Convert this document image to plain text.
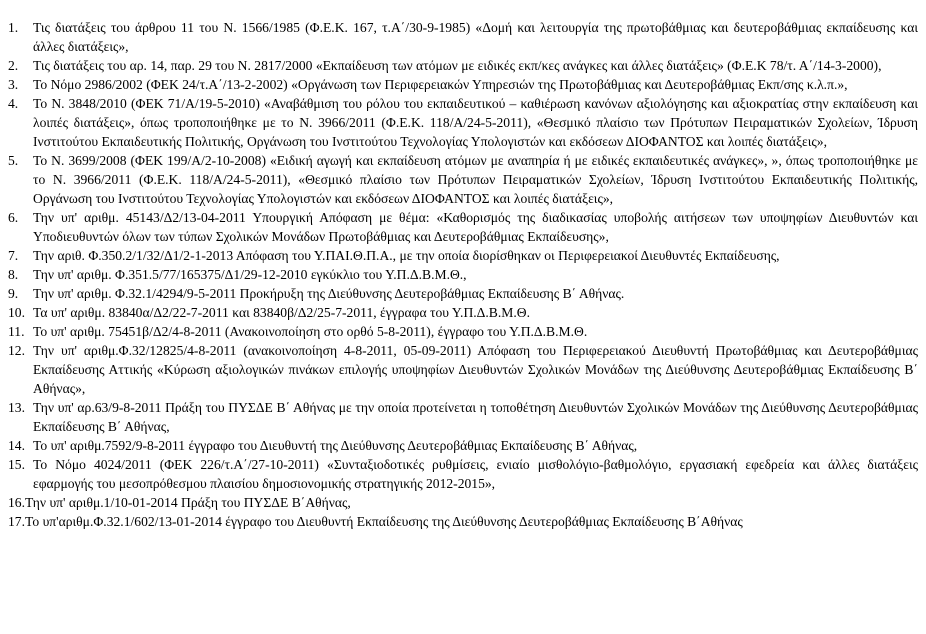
1. Τις διατάξεις του άρθρου 11 του Ν. 1566/1985 (Φ.Ε.Κ. 167, τ.Α΄/30-9-1985) «Δομή και λειτουργία της πρωτοβάθμιας και δευτεροβάθμιας εκπαίδευσης και άλλες διατάξεις»,
2. Τις διατάξεις του αρ. 14, παρ. 29 του Ν. 2817/2000 «Εκπαίδευση των ατόμων με ειδικές εκπ/κες ανάγκες και άλλες διατάξεις» (Φ.Ε.Κ 78/τ. Α΄/14-3-2000),
3. Το Νόμο 2986/2002 (ΦΕΚ 24/τ.Α΄/13-2-2002) «Οργάνωση των Περιφερειακών Υπηρεσιών της Πρωτοβάθμιας και Δευτεροβάθμιας Εκπ/σης κ.λ.π.»,
4. Το Ν. 3848/2010 (ΦΕΚ 71/Α/19-5-2010) «Αναβάθμιση του ρόλου του εκπαιδευτικού – καθιέρωση κανόνων αξιολόγησης και αξιοκρατίας στην εκπαίδευση και λοιπές διατάξεις», όπως τροποποιήθηκε με το Ν. 3966/2011 (Φ.Ε.Κ. 118/Α/24-5-2011), «Θεσμικό πλαίσιο των Πρότυπων Πειραματικών Σχολείων, Ίδρυση Ινστιτούτου Εκπαιδευτικής Πολιτικής, Οργάνωση του Ινστιτούτου Τεχνολογίας Υπολογιστών και εκδόσεων ΔΙΟΦΑΝΤΟΣ και λοιπές διατάξεις»,
5. Το Ν. 3699/2008 (ΦΕΚ 199/Α/2-10-2008) «Ειδική αγωγή και εκπαίδευση ατόμων με αναπηρία ή με ειδικές εκπαιδευτικές ανάγκες», », όπως τροποποιήθηκε με το Ν. 3966/2011 (Φ.Ε.Κ. 118/Α/24-5-2011), «Θεσμικό πλαίσιο των Πρότυπων Πειραματικών Σχολείων, Ίδρυση Ινστιτούτου Εκπαιδευτικής Πολιτικής, Οργάνωση του Ινστιτούτου Τεχνολογίας Υπολογιστών και εκδόσεων ΔΙΟΦΑΝΤΟΣ και λοιπές διατάξεις»,
6. Την υπ' αριθμ. 45143/Δ2/13-04-2011 Υπουργική Απόφαση με θέμα: «Καθορισμός της διαδικασίας υποβολής αιτήσεων των υποψηφίων Διευθυντών και Υποδιευθυντών όλων των τύπων Σχολικών Μονάδων Πρωτοβάθμιας και Δευτεροβάθμιας Εκπαίδευσης»,
7. Την αριθ. Φ.350.2/1/32/Δ1/2-1-2013 Απόφαση του Υ.ΠΑΙ.Θ.Π.Α., με την οποία διορίσθηκαν οι Περιφερειακοί Διευθυντές Εκπαίδευσης,
8. Την υπ' αριθμ. Φ.351.5/77/165375/Δ1/29-12-2010 εγκύκλιο του Υ.Π.Δ.Β.Μ.Θ.,
9. Την υπ' αριθμ. Φ.32.1/4294/9-5-2011 Προκήρυξη της Διεύθυνσης Δευτεροβάθμιας Εκπαίδευσης Β΄ Αθήνας.
10. Τα υπ' αριθμ. 83840α/Δ2/22-7-2011 και 83840β/Δ2/25-7-2011, έγγραφα του Υ.Π.Δ.Β.Μ.Θ.
11. Το υπ' αριθμ. 75451β/Δ2/4-8-2011 (Ανακοινοποίηση στο ορθό 5-8-2011), έγγραφο του Υ.Π.Δ.Β.Μ.Θ.
12. Την υπ' αριθμ.Φ.32/12825/4-8-2011 (ανακοινοποίηση 4-8-2011, 05-09-2011) Απόφαση του Περιφερειακού Διευθυντή Πρωτοβάθμιας και Δευτεροβάθμιας Εκπαίδευσης Αττικής «Κύρωση αξιολογικών πινάκων επιλογής υποψηφίων Διευθυντών Σχολικών Μονάδων της Διεύθυνσης Δευτεροβάθμιας Εκπαίδευσης Β΄ Αθήνας»,
13. Την υπ' αρ.63/9-8-2011 Πράξη του ΠΥΣΔΕ Β΄ Αθήνας με την οποία προτείνεται η τοποθέτηση Διευθυντών Σχολικών Μονάδων της Διεύθυνσης Δευτεροβάθμιας Εκπαίδευσης Β΄ Αθήνας,
14. Το υπ' αριθμ.7592/9-8-2011 έγγραφο του Διευθυντή της Διεύθυνσης Δευτεροβάθμιας Εκπαίδευσης Β΄ Αθήνας,
15. Το Νόμο 4024/2011 (ΦΕΚ 226/τ.Α΄/27-10-2011) «Συνταξιοδοτικές ρυθμίσεις, ενιαίο μισθολόγιο-βαθμολόγιο, εργασιακή εφεδρεία και άλλες διατάξεις εφαρμογής του μεσοπρόθεσμου πλαισίου δημοσιονομικής στρατηγικής 2012-2015»,
16.Την υπ' αριθμ.1/10-01-2014 Πράξη του ΠΥΣΔΕ Β΄Αθήνας,
17.Το υπ'αριθμ.Φ.32.1/602/13-01-2014 έγγραφο του Διευθυντή Εκπαίδευσης της Διεύθυνσης Δευτεροβάθμιας Εκπαίδευσης Β΄Αθήνας
